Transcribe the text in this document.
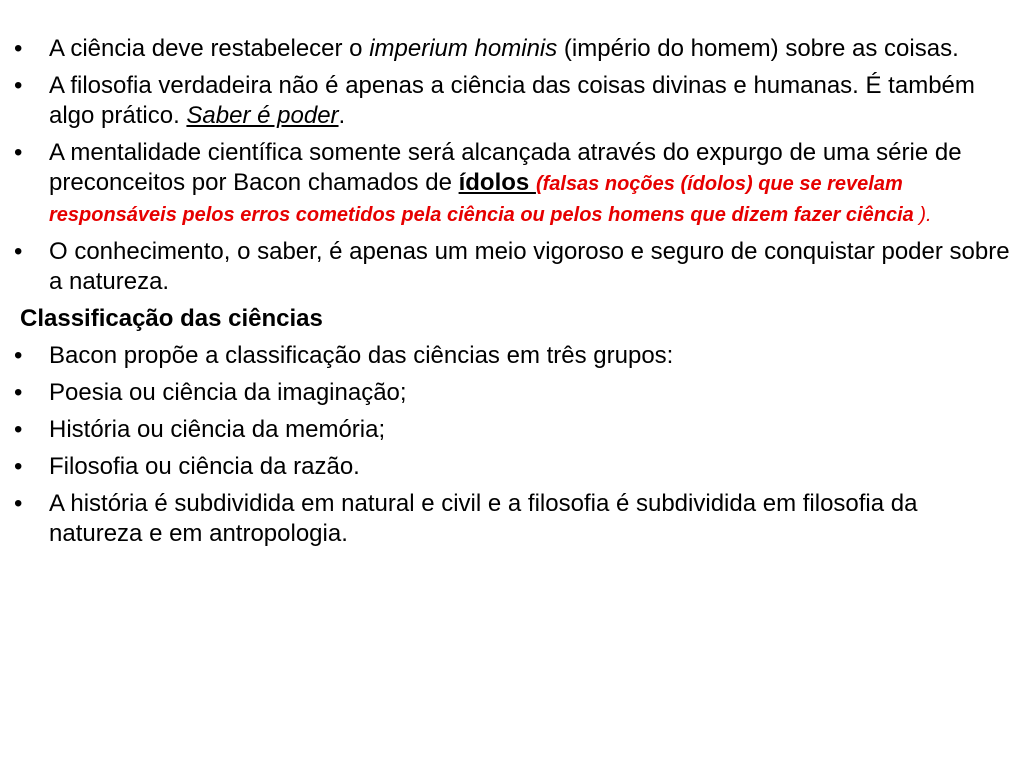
•	A ciência deve restabelecer o imperium hominis (império do homem) sobre as coisas.
•	A filosofia verdadeira não é apenas a ciência das coisas divinas e humanas. É também algo prático. Saber é poder.
•	A mentalidade científica somente será alcançada através do expurgo de uma série de preconceitos por Bacon chamados de ídolos (falsas noções (ídolos) que se revelam responsáveis pelos erros cometidos pela ciência ou pelos homens que dizem fazer ciência ).
•	O conhecimento, o saber, é apenas um meio vigoroso e seguro de conquistar poder sobre a natureza.
Classificação das ciências
•	Bacon propõe a classificação das ciências em três grupos:
•	Poesia ou ciência da imaginação;
•	História ou ciência da memória;
•	Filosofia ou ciência da razão.
•	A história é subdividida em natural e civil e a filosofia é subdividida em filosofia da natureza e em antropologia.
